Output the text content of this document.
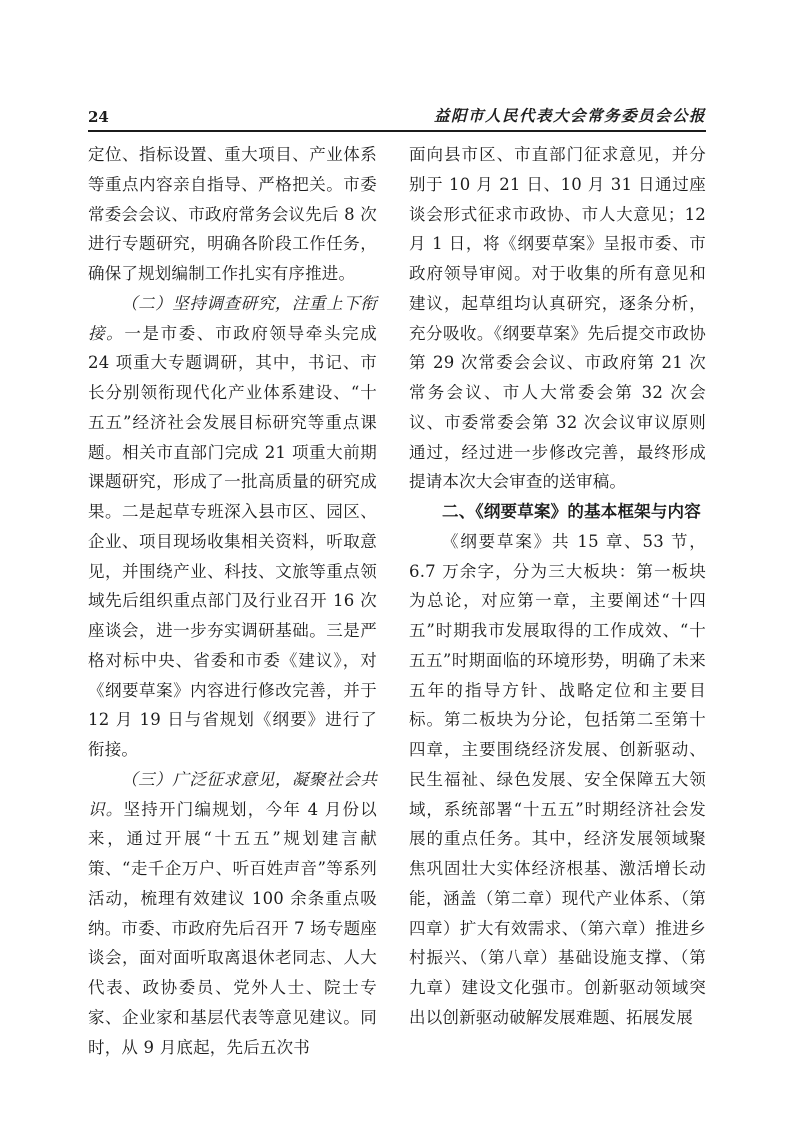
24	益阳市人民代表大会常务委员会公报

定位、指标设置、重大项目、产业体系等重点内容亲自指导、严格把关。市委常委会会议、市政府常务会议先后 8 次进行专题研究，明确各阶段工作任务，确保了规划编制工作扎实有序推进。

（二）坚持调查研究，注重上下衔接。一是市委、市政府领导牵头完成 24 项重大专题调研，其中，书记、市长分别领衔现代化产业体系建设、“十五五”经济社会发展目标研究等重点课题。相关市直部门完成 21 项重大前期课题研究，形成了一批高质量的研究成果。二是起草专班深入县市区、园区、企业、项目现场收集相关资料，听取意见，并围绕产业、科技、文旅等重点领域先后组织重点部门及行业召开 16 次座谈会，进一步夯实调研基础。三是严格对标中央、省委和市委《建议》，对《纲要草案》内容进行修改完善，并于 12 月 19 日与省规划《纲要》进行了衔接。

（三）广泛征求意见，凝聚社会共识。坚持开门编规划，今年 4 月份以来，通过开展“十五五”规划建言献策、“走千企万户、听百姓声音”等系列活动，梳理有效建议 100 余条重点吸纳。市委、市政府先后召开 7 场专题座谈会，面对面听取离退休老同志、人大代表、政协委员、党外人士、院士专家、企业家和基层代表等意见建议。同时，从 9 月底起，先后五次书

面向县市区、市直部门征求意见，并分别于 10 月 21 日、10 月 31 日通过座谈会形式征求市政协、市人大意见；12 月 1 日，将《纲要草案》呈报市委、市政府领导审阅。对于收集的所有意见和建议，起草组均认真研究，逐条分析，充分吸收。《纲要草案》先后提交市政协第 29 次常委会会议、市政府第 21 次常务会议、市人大常委会第 32 次会议、市委常委会第 32 次会议审议原则通过，经过进一步修改完善，最终形成提请本次大会审查的送审稿。

二、《纲要草案》的基本框架与内容

《纲要草案》共 15 章、53 节，6.7 万余字，分为三大板块：第一板块为总论，对应第一章，主要阐述“十四五”时期我市发展取得的工作成效、“十五五”时期面临的环境形势，明确了未来五年的指导方针、战略定位和主要目标。第二板块为分论，包括第二至第十四章，主要围绕经济发展、创新驱动、民生福祉、绿色发展、安全保障五大领域，系统部署“十五五”时期经济社会发展的重点任务。其中，经济发展领域聚焦巩固壮大实体经济根基、激活增长动能，涵盖（第二章）现代产业体系、（第四章）扩大有效需求、（第六章）推进乡村振兴、（第八章）基础设施支撑、（第九章）建设文化强市。创新驱动领域突出以创新驱动破解发展难题、拓展发展
